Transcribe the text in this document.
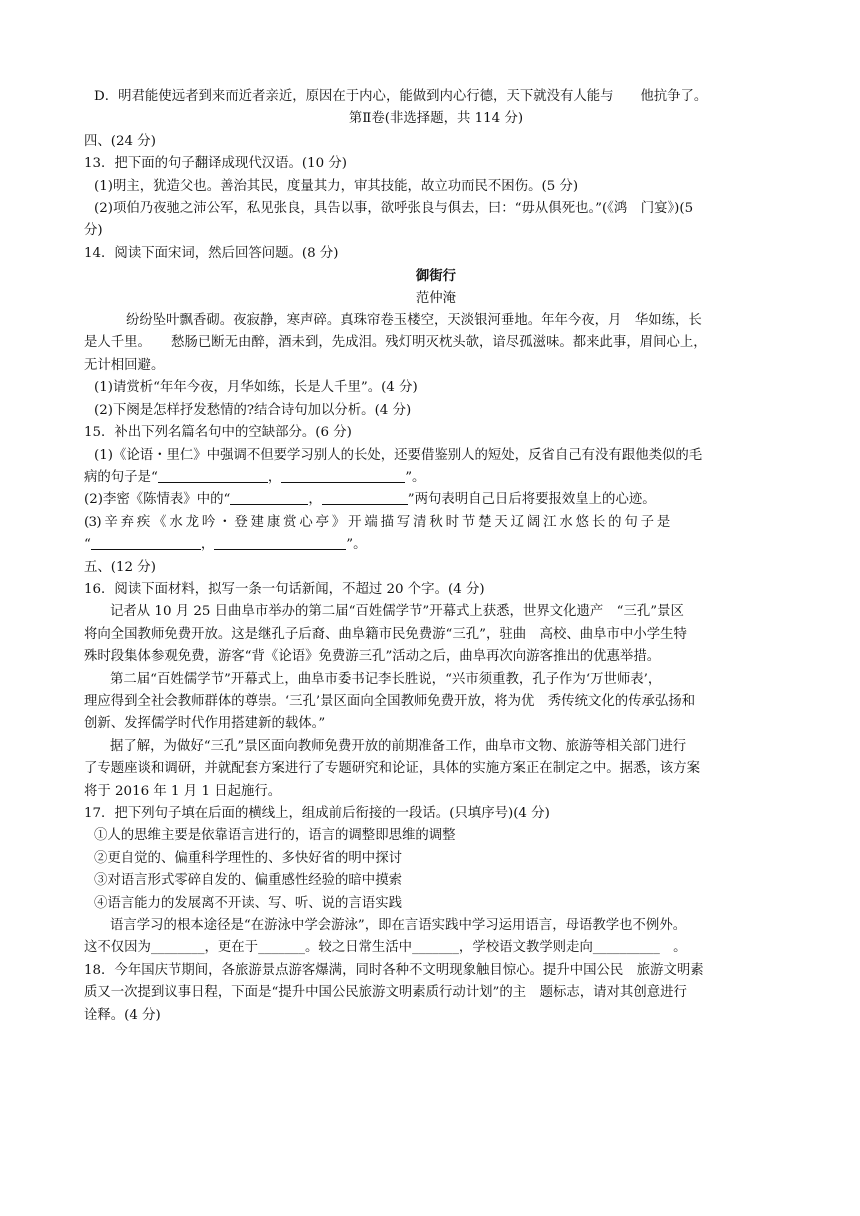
D．明君能使远者到来而近者亲近，原因在于内心，能做到内心行德，天下就没有人能与　　他抗争了。
第Ⅱ卷(非选择题，共 114 分)
四、(24 分)
13．把下面的句子翻译成现代汉语。(10 分)
(1)明主，犹造父也。善治其民，度量其力，审其技能，故立功而民不困伤。(5 分)
(2)项伯乃夜驰之沛公军，私见张良，具告以事，欲呼张良与俱去，曰：“毋从俱死也。”(《鸿　门宴》)(5
分)
14．阅读下面宋词，然后回答问题。(8 分)
御街行
范仲淹
纷纷坠叶飘香砌。夜寂静，寒声碎。真珠帘卷玉楼空，天淡银河垂地。年年今夜，月　华如练，长
是人千里。　　愁肠已断无由醉，酒未到，先成泪。残灯明灭枕头欹，谙尽孤滋味。都来此事，眉间心上，
无计相回避。
(1)请赏析“年年今夜，月华如练，长是人千里”。(4 分)
(2)下阕是怎样抒发愁情的?结合诗句加以分析。(4 分)
15．补出下列名篇名句中的空缺部分。(6 分)
(1)《论语・里仁》中强调不但要学习别人的长处，还要借鉴别人的短处，反省自己有没有跟他类似的毛
病的句子是“	，	”。
(2)李密《陈情表》中的“	，	”两句表明自己日后将要报效皇上的心迹。
(3) 辛 弃 疾 《 水 龙 吟 ・ 登 建 康 赏 心 亭 》 开 端 描 写 清 秋 时 节 楚 天 辽 阔 江 水 悠 长 的 句 子 是
“	，	”。
五、(12 分)
16．阅读下面材料，拟写一条一句话新闻，不超过 20 个字。(4 分)
记者从 10 月 25 日曲阜市举办的第二届“百姓儒学节”开幕式上获悉，世界文化遗产　“三孔”景区
将向全国教师免费开放。这是继孔子后裔、曲阜籍市民免费游“三孔”，驻曲　高校、曲阜市中小学生特
殊时段集体参观免费，游客“背《论语》免费游三孔”活动之后，曲阜再次向游客推出的优惠举措。
第二届“百姓儒学节”开幕式上，曲阜市委书记李长胜说，“兴市须重教，孔子作为‘万世师表’，
理应得到全社会教师群体的尊崇。‘三孔’景区面向全国教师免费开放，将为优　秀传统文化的传承弘扬和
创新、发挥儒学时代作用搭建新的载体。”
据了解，为做好“三孔”景区面向教师免费开放的前期准备工作，曲阜市文物、旅游等相关部门进行
了专题座谈和调研，并就配套方案进行了专题研究和论证，具体的实施方案正在制定之中。据悉，该方案
将于 2016 年 1 月 1 日起施行。
17．把下列句子填在后面的横线上，组成前后衔接的一段话。(只填序号)(4 分)
①人的思维主要是依靠语言进行的，语言的调整即思维的调整
②更自觉的、偏重科学理性的、多快好省的明中探讨
③对语言形式零碎自发的、偏重感性经验的暗中摸索
④语言能力的发展离不开读、写、听、说的言语实践
语言学习的根本途径是“在游泳中学会游泳”，即在言语实践中学习运用语言，母语教学也不例外。
这不仅因为________，更在于_______。较之日常生活中_______，学校语文教学则走向__________　。
18．今年国庆节期间，各旅游景点游客爆满，同时各种不文明现象触目惊心。提升中国公民　旅游文明素
质又一次提到议事日程，下面是“提升中国公民旅游文明素质行动计划”的主　题标志，请对其创意进行
诠释。(4 分)
